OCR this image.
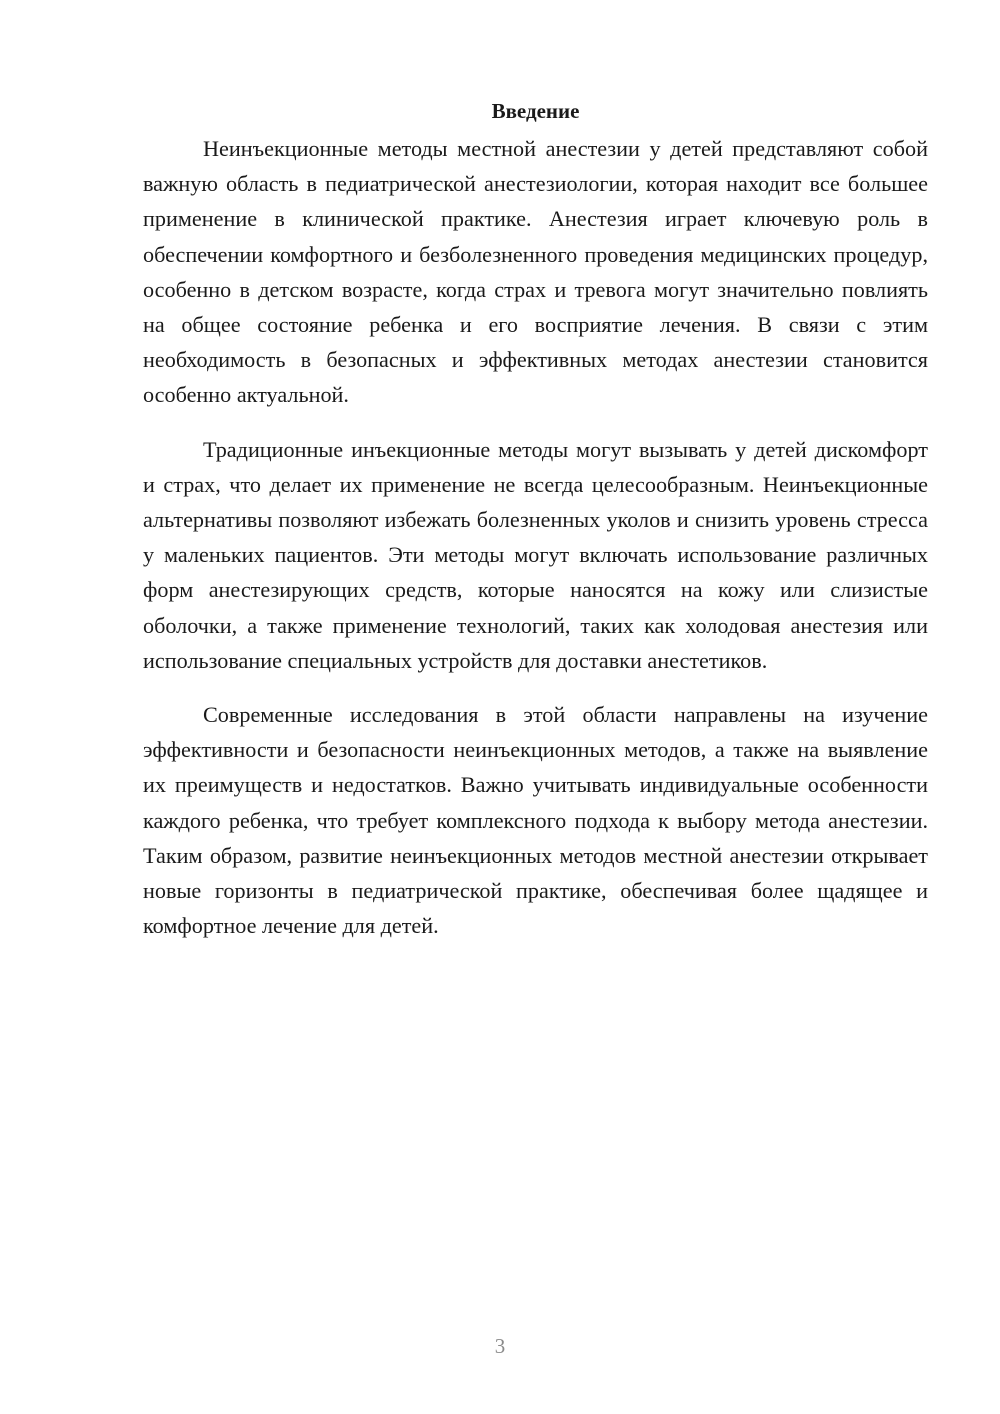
Введение

Неинъекционные методы местной анестезии у детей представляют собой важную область в педиатрической анестезиологии, которая находит все большее применение в клинической практике. Анестезия играет ключевую роль в обеспечении комфортного и безболезненного проведения медицинских процедур, особенно в детском возрасте, когда страх и тревога могут значительно повлиять на общее состояние ребенка и его восприятие лечения. В связи с этим необходимость в безопасных и эффективных методах анестезии становится особенно актуальной.

Традиционные инъекционные методы могут вызывать у детей дискомфорт и страх, что делает их применение не всегда целесообразным. Неинъекционные альтернативы позволяют избежать болезненных уколов и снизить уровень стресса у маленьких пациентов. Эти методы могут включать использование различных форм анестезирующих средств, которые наносятся на кожу или слизистые оболочки, а также применение технологий, таких как холодовая анестезия или использование специальных устройств для доставки анестетиков.

Современные исследования в этой области направлены на изучение эффективности и безопасности неинъекционных методов, а также на выявление их преимуществ и недостатков. Важно учитывать индивидуальные особенности каждого ребенка, что требует комплексного подхода к выбору метода анестезии. Таким образом, развитие неинъекционных методов местной анестезии открывает новые горизонты в педиатрической практике, обеспечивая более щадящее и комфортное лечение для детей.

3
